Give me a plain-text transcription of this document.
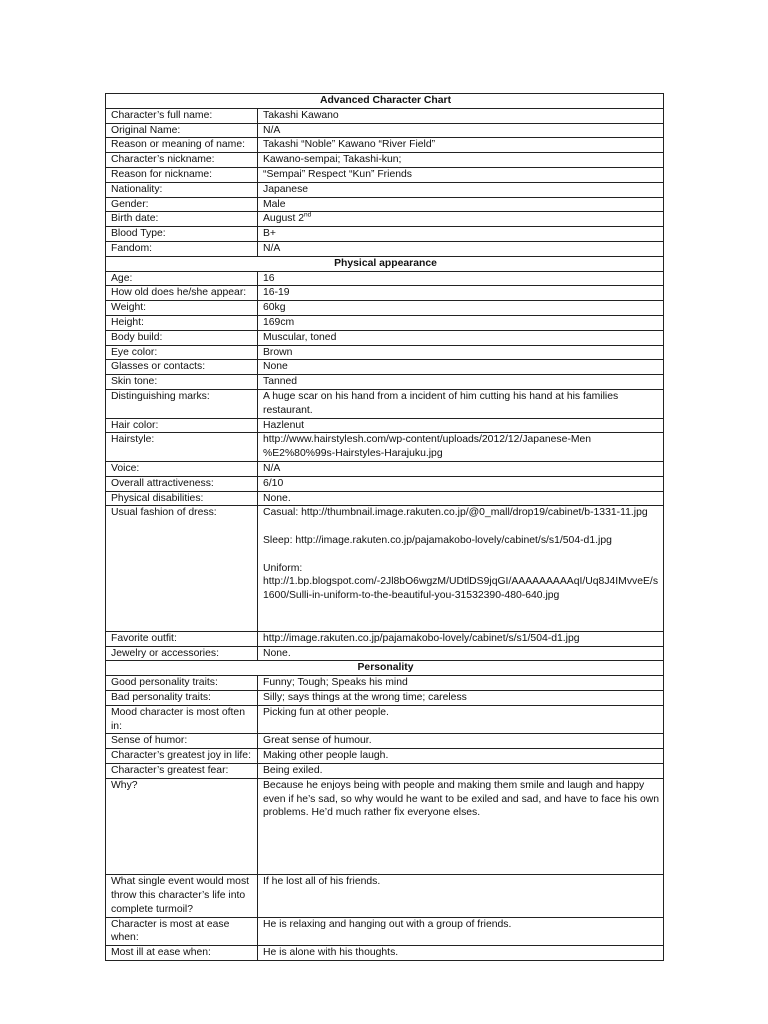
Advanced Character Chart	
Character’s full name:	Takashi Kawano
Original Name:	N/A
Reason or meaning of name:	Takashi “Noble” Kawano “River Field”
Character’s nickname:	Kawano-sempai; Takashi-kun;
Reason for nickname:	“Sempai” Respect “Kun” Friends
Nationality:	Japanese
Gender:	Male
Birth date:	August 2nd
Blood Type:	B+
Fandom:	N/A
Physical appearance	
Age:	16
How old does he/she appear:	16-19
Weight:	60kg
Height:	169cm
Body build:	Muscular, toned
Eye color:	Brown
Glasses or contacts:	None
Skin tone:	Tanned
Distinguishing marks:	A huge scar on his hand from a incident of him cutting his hand at his families restaurant.
Hair color:	Hazlenut
Hairstyle:	http://www.hairstylesh.com/wp-content/uploads/2012/12/Japanese-Men %E2%80%99s-Hairstyles-Harajuku.jpg
Voice:	N/A
Overall attractiveness:	6/10
Physical disabilities:	None.
Usual fashion of dress:	Casual: http://thumbnail.image.rakuten.co.jp/@0_mall/drop19/cabinet/b-1331-11.jpg
Sleep: http://image.rakuten.co.jp/pajamakobo-lovely/cabinet/s/s1/504-d1.jpg
Uniform: http://1.bp.blogspot.com/-2Jl8bO6wgzM/UDtlDS9jqGI/AAAAAAAAAqI/Uq8J4IMvveE/s1600/Sulli-in-uniform-to-the-beautiful-you-31532390-480-640.jpg

Favorite outfit:	http://image.rakuten.co.jp/pajamakobo-lovely/cabinet/s/s1/504-d1.jpg
Jewelry or accessories:	None.
Personality	
Good personality traits:	Funny; Tough; Speaks his mind
Bad personality traits:	Silly; says things at the wrong time; careless
Mood character is most often in:	Picking fun at other people.
Sense of humor:	Great sense of humour.
Character’s greatest joy in life:	Making other people laugh.
Character’s greatest fear:	Being exiled.
Why?	Because he enjoys being with people and making them smile and laugh and happy even if he’s sad, so why would he want to be exiled and sad, and have to face his own problems. He’d much rather fix everyone elses.
What single event would most throw this character’s life into complete turmoil?	If he lost all of his friends.
Character is most at ease when:	He is relaxing and hanging out with a group of friends.
Most ill at ease when:	He is alone with his thoughts.
